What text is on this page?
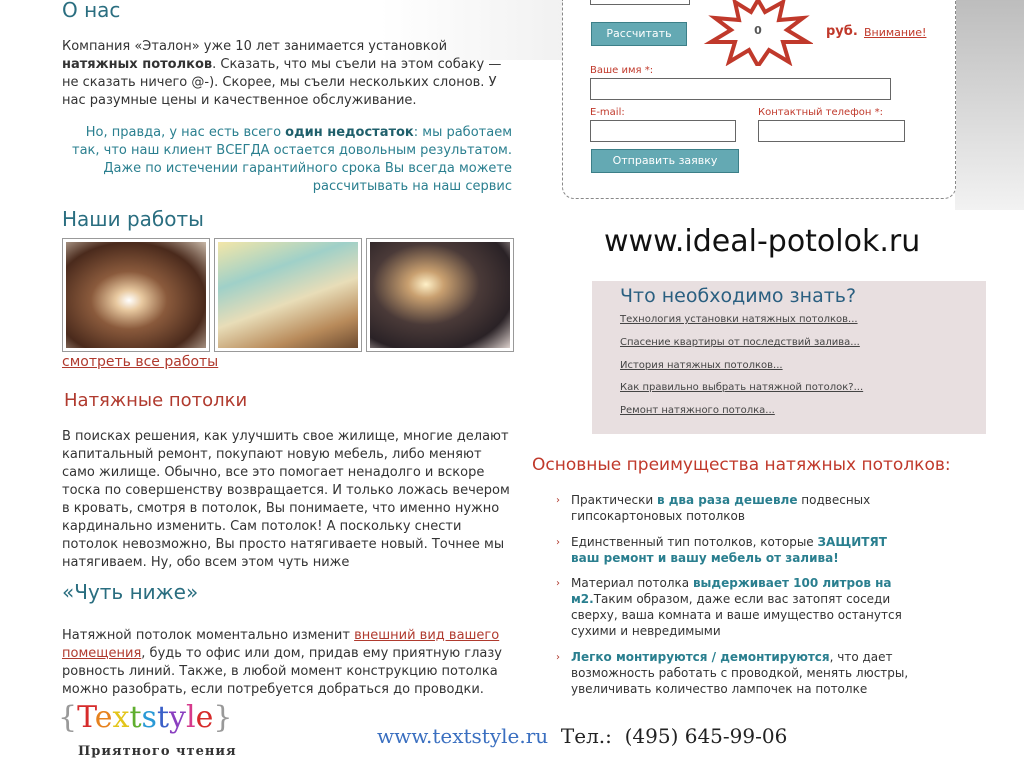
О нас

Компания «Эталон» уже 10 лет занимается установкой натяжных потолков. Сказать, что мы съели на этом собаку — не сказать ничего @-). Скорее, мы съели нескольких слонов. У нас разумные цены и качественное обслуживание.

Но, правда, у нас есть всего один недостаток: мы работаем так, что наш клиент ВСЕГДА остается довольным результатом. Даже по истечении гарантийного срока Вы всегда можете рассчитывать на наш сервис

Наши работы
смотреть все работы
Натяжные потолки

В поисках решения, как улучшить свое жилище, многие делают капитальный ремонт, покупают новую мебель, либо меняют само жилище. Обычно, все это помогает ненадолго и вскоре тоска по совершенству возвращается. И только ложась вечером в кровать, смотря в потолок, Вы понимаете, что именно нужно кардинально изменить. Сам потолок! А поскольку снести потолок невозможно, Вы просто натягиваете новый. Точнее мы натягиваем. Ну, обо всем этом чуть ниже

«Чуть ниже»

Натяжной потолок моментально изменит внешний вид вашего помещения, будь то офис или дом, придав ему приятную глазу ровность линий. Также, в любой момент конструкцию потолка можно разобрать, если потребуется добраться до проводки.

Рассчитать	0	руб. Внимание!
Ваше имя *:
E-mail:	Контактный телефон *:
Отправить заявку
www.ideal-potolok.ru
Что необходимо знать?
Технология установки натяжных потолков...
Спасение квартиры от последствий залива...
История натяжных потолков...
Как правильно выбрать натяжной потолок?...
Ремонт натяжного потолка...
Основные преимущества натяжных потолков:
› Практически в два раза дешевле подвесных гипсокартоновых потолков
› Единственный тип потолков, которые ЗАЩИТЯТ ваш ремонт и вашу мебель от залива!
› Материал потолка выдерживает 100 литров на м2.Таким образом, даже если вас затопят соседи сверху, ваша комната и ваше имущество останутся сухими и невредимыми
› Легко монтируются / демонтируются, что дает возможность работать с проводкой, менять люстры, увеличивать количество лампочек на потолке
{Textstyle}
Приятного чтения
www.textstyle.ru Тел.: (495) 645-99-06
